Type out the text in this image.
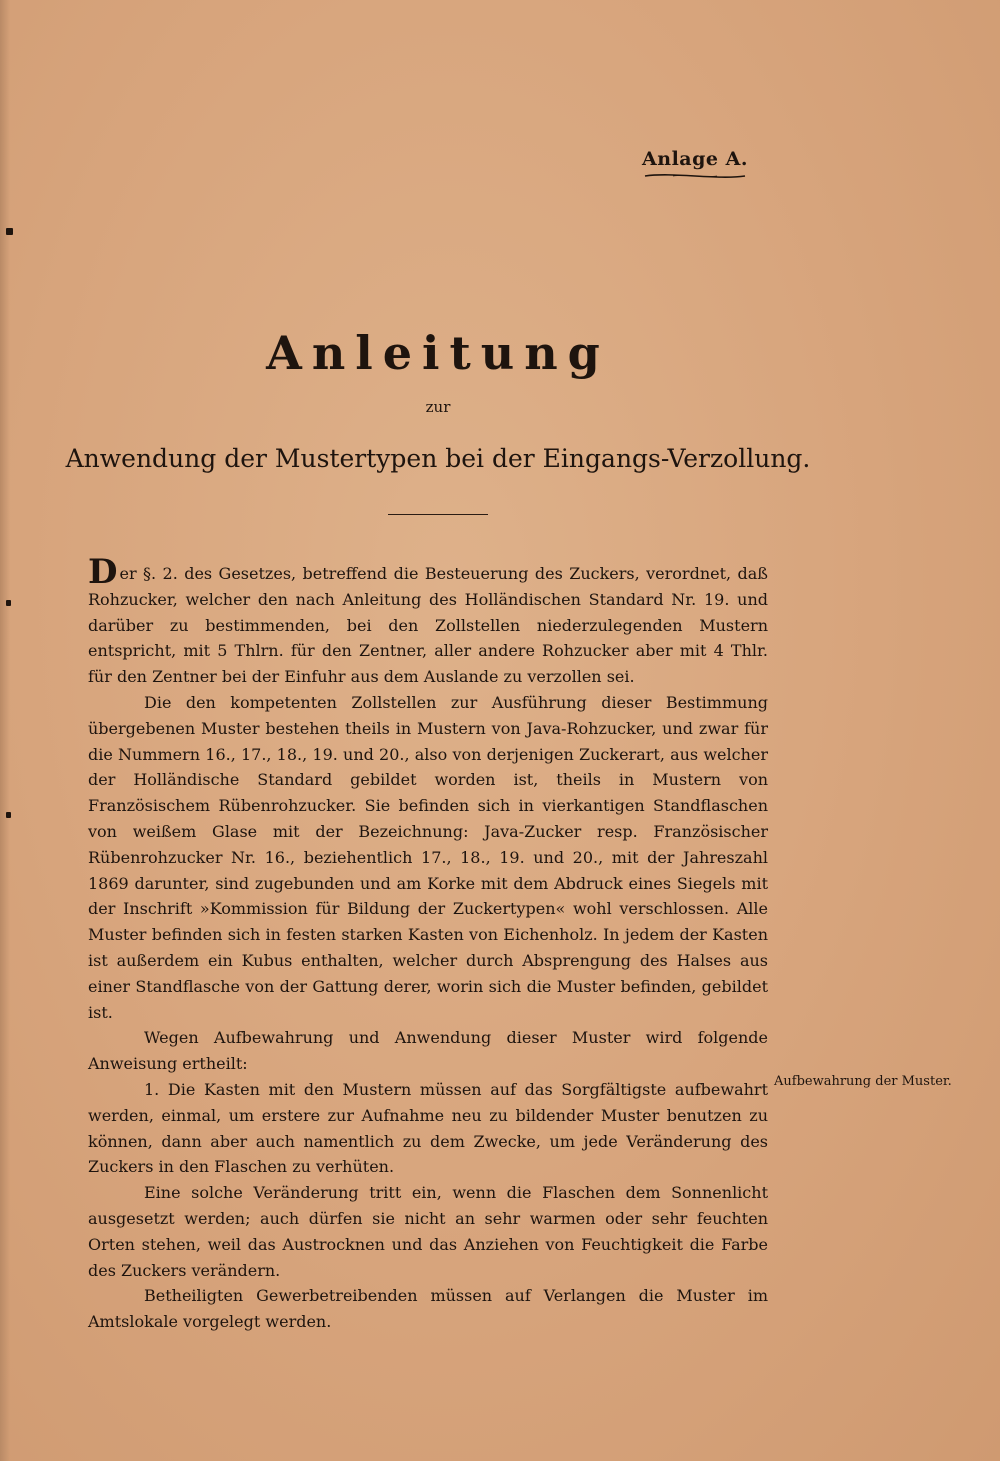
Anlage A.
Anleitung
zur
Anwendung der Mustertypen bei der Eingangs-Verzollung.

Der §. 2. des Gesetzes, betreffend die Besteuerung des Zuckers, verordnet, daß Rohzucker, welcher den nach Anleitung des Holländischen Standard Nr. 19. und darüber zu bestimmenden, bei den Zollstellen niederzulegenden Mustern entspricht, mit 5 Thlrn. für den Zentner, aller andere Rohzucker aber mit 4 Thlr. für den Zentner bei der Einfuhr aus dem Auslande zu verzollen sei.

Die den kompetenten Zollstellen zur Ausführung dieser Bestimmung übergebenen Muster bestehen theils in Mustern von Java-Rohzucker, und zwar für die Nummern 16., 17., 18., 19. und 20., also von derjenigen Zuckerart, aus welcher der Holländische Standard gebildet worden ist, theils in Mustern von Französischem Rübenrohzucker. Sie befinden sich in vierkantigen Standflaschen von weißem Glase mit der Bezeichnung: Java-Zucker resp. Französischer Rübenrohzucker Nr. 16., beziehentlich 17., 18., 19. und 20., mit der Jahreszahl 1869 darunter, sind zugebunden und am Korke mit dem Abdruck eines Siegels mit der Inschrift »Kommission für Bildung der Zuckertypen« wohl verschlossen. Alle Muster befinden sich in festen starken Kasten von Eichenholz. In jedem der Kasten ist außerdem ein Kubus enthalten, welcher durch Absprengung des Halses aus einer Standflasche von der Gattung derer, worin sich die Muster befinden, gebildet ist.

Wegen Aufbewahrung und Anwendung dieser Muster wird folgende Anweisung ertheilt:

1. Die Kasten mit den Mustern müssen auf das Sorgfältigste aufbewahrt werden, einmal, um erstere zur Aufnahme neu zu bildender Muster benutzen zu können, dann aber auch namentlich zu dem Zwecke, um jede Veränderung des Zuckers in den Flaschen zu verhüten.

Eine solche Veränderung tritt ein, wenn die Flaschen dem Sonnenlicht ausgesetzt werden; auch dürfen sie nicht an sehr warmen oder sehr feuchten Orten stehen, weil das Austrocknen und das Anziehen von Feuchtigkeit die Farbe des Zuckers verändern.

Betheiligten Gewerbetreibenden müssen auf Verlangen die Muster im Amtslokale vorgelegt werden.

Aufbewahrung der Muster.
